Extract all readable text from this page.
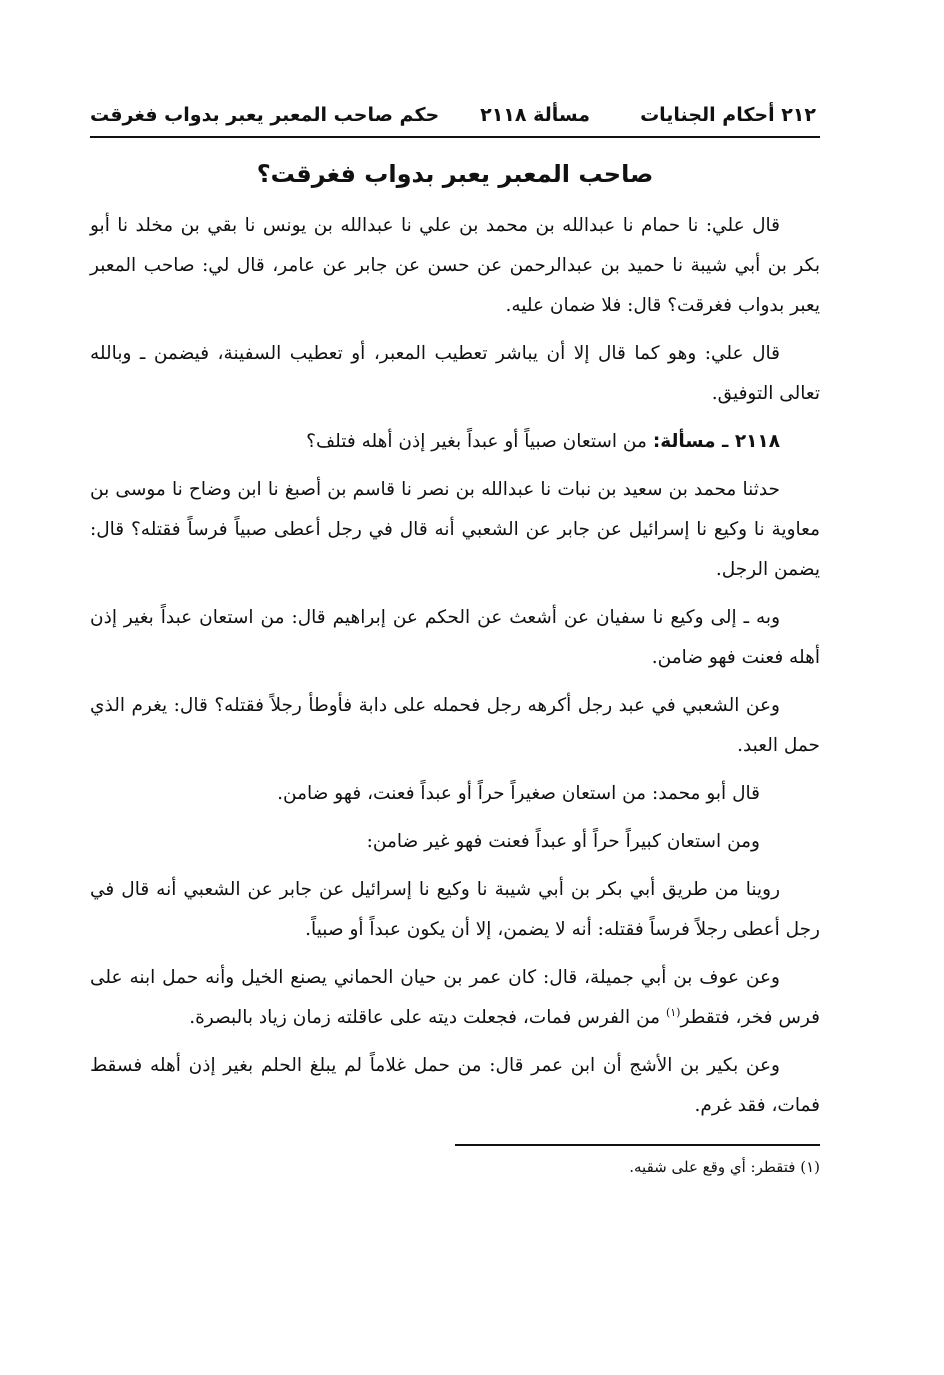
٢١٢ أحكام الجنايات
مسألة ٢١١٨
حكم صاحب المعبر يعبر بدواب فغرقت
صاحب المعبر يعبر بدواب فغرقت؟

قال علي: نا حمام نا عبدالله بن محمد بن علي نا عبدالله بن يونس نا بقي بن مخلد نا أبو بكر بن أبي شيبة نا حميد بن عبدالرحمن عن حسن عن جابر عن عامر، قال لي: صاحب المعبر يعبر بدواب فغرقت؟ قال: فلا ضمان عليه.

قال علي: وهو كما قال إلا أن يباشر تعطيب المعبر، أو تعطيب السفينة، فيضمن ـ وبالله تعالى التوفيق.

٢١١٨ ـ مسألة: من استعان صبياً أو عبداً بغير إذن أهله فتلف؟

حدثنا محمد بن سعيد بن نبات نا عبدالله بن نصر نا قاسم بن أصبغ نا ابن وضاح نا موسى بن معاوية نا وكيع نا إسرائيل عن جابر عن الشعبي أنه قال في رجل أعطى صبياً فرساً فقتله؟ قال: يضمن الرجل.

وبه ـ إلى وكيع نا سفيان عن أشعث عن الحكم عن إبراهيم قال: من استعان عبداً بغير إذن أهله فعنت فهو ضامن.

وعن الشعبي في عبد رجل أكرهه رجل فحمله على دابة فأوطأ رجلاً فقتله؟ قال: يغرم الذي حمل العبد.

قال أبو محمد: من استعان صغيراً حراً أو عبداً فعنت، فهو ضامن.

ومن استعان كبيراً حراً أو عبداً فعنت فهو غير ضامن:

روينا من طريق أبي بكر بن أبي شيبة نا وكيع نا إسرائيل عن جابر عن الشعبي أنه قال في رجل أعطى رجلاً فرساً فقتله: أنه لا يضمن، إلا أن يكون عبداً أو صبياً.

وعن عوف بن أبي جميلة، قال: كان عمر بن حيان الحماني يصنع الخيل وأنه حمل ابنه على فرس فخر، فتقطر$^{(١)}$ من الفرس فمات، فجعلت ديته على عاقلته زمان زياد بالبصرة.

وعن بكير بن الأشج أن ابن عمر قال: من حمل غلاماً لم يبلغ الحلم بغير إذن أهله فسقط فمات، فقد غرم.

(١) فتقطر: أي وقع على شقيه.
